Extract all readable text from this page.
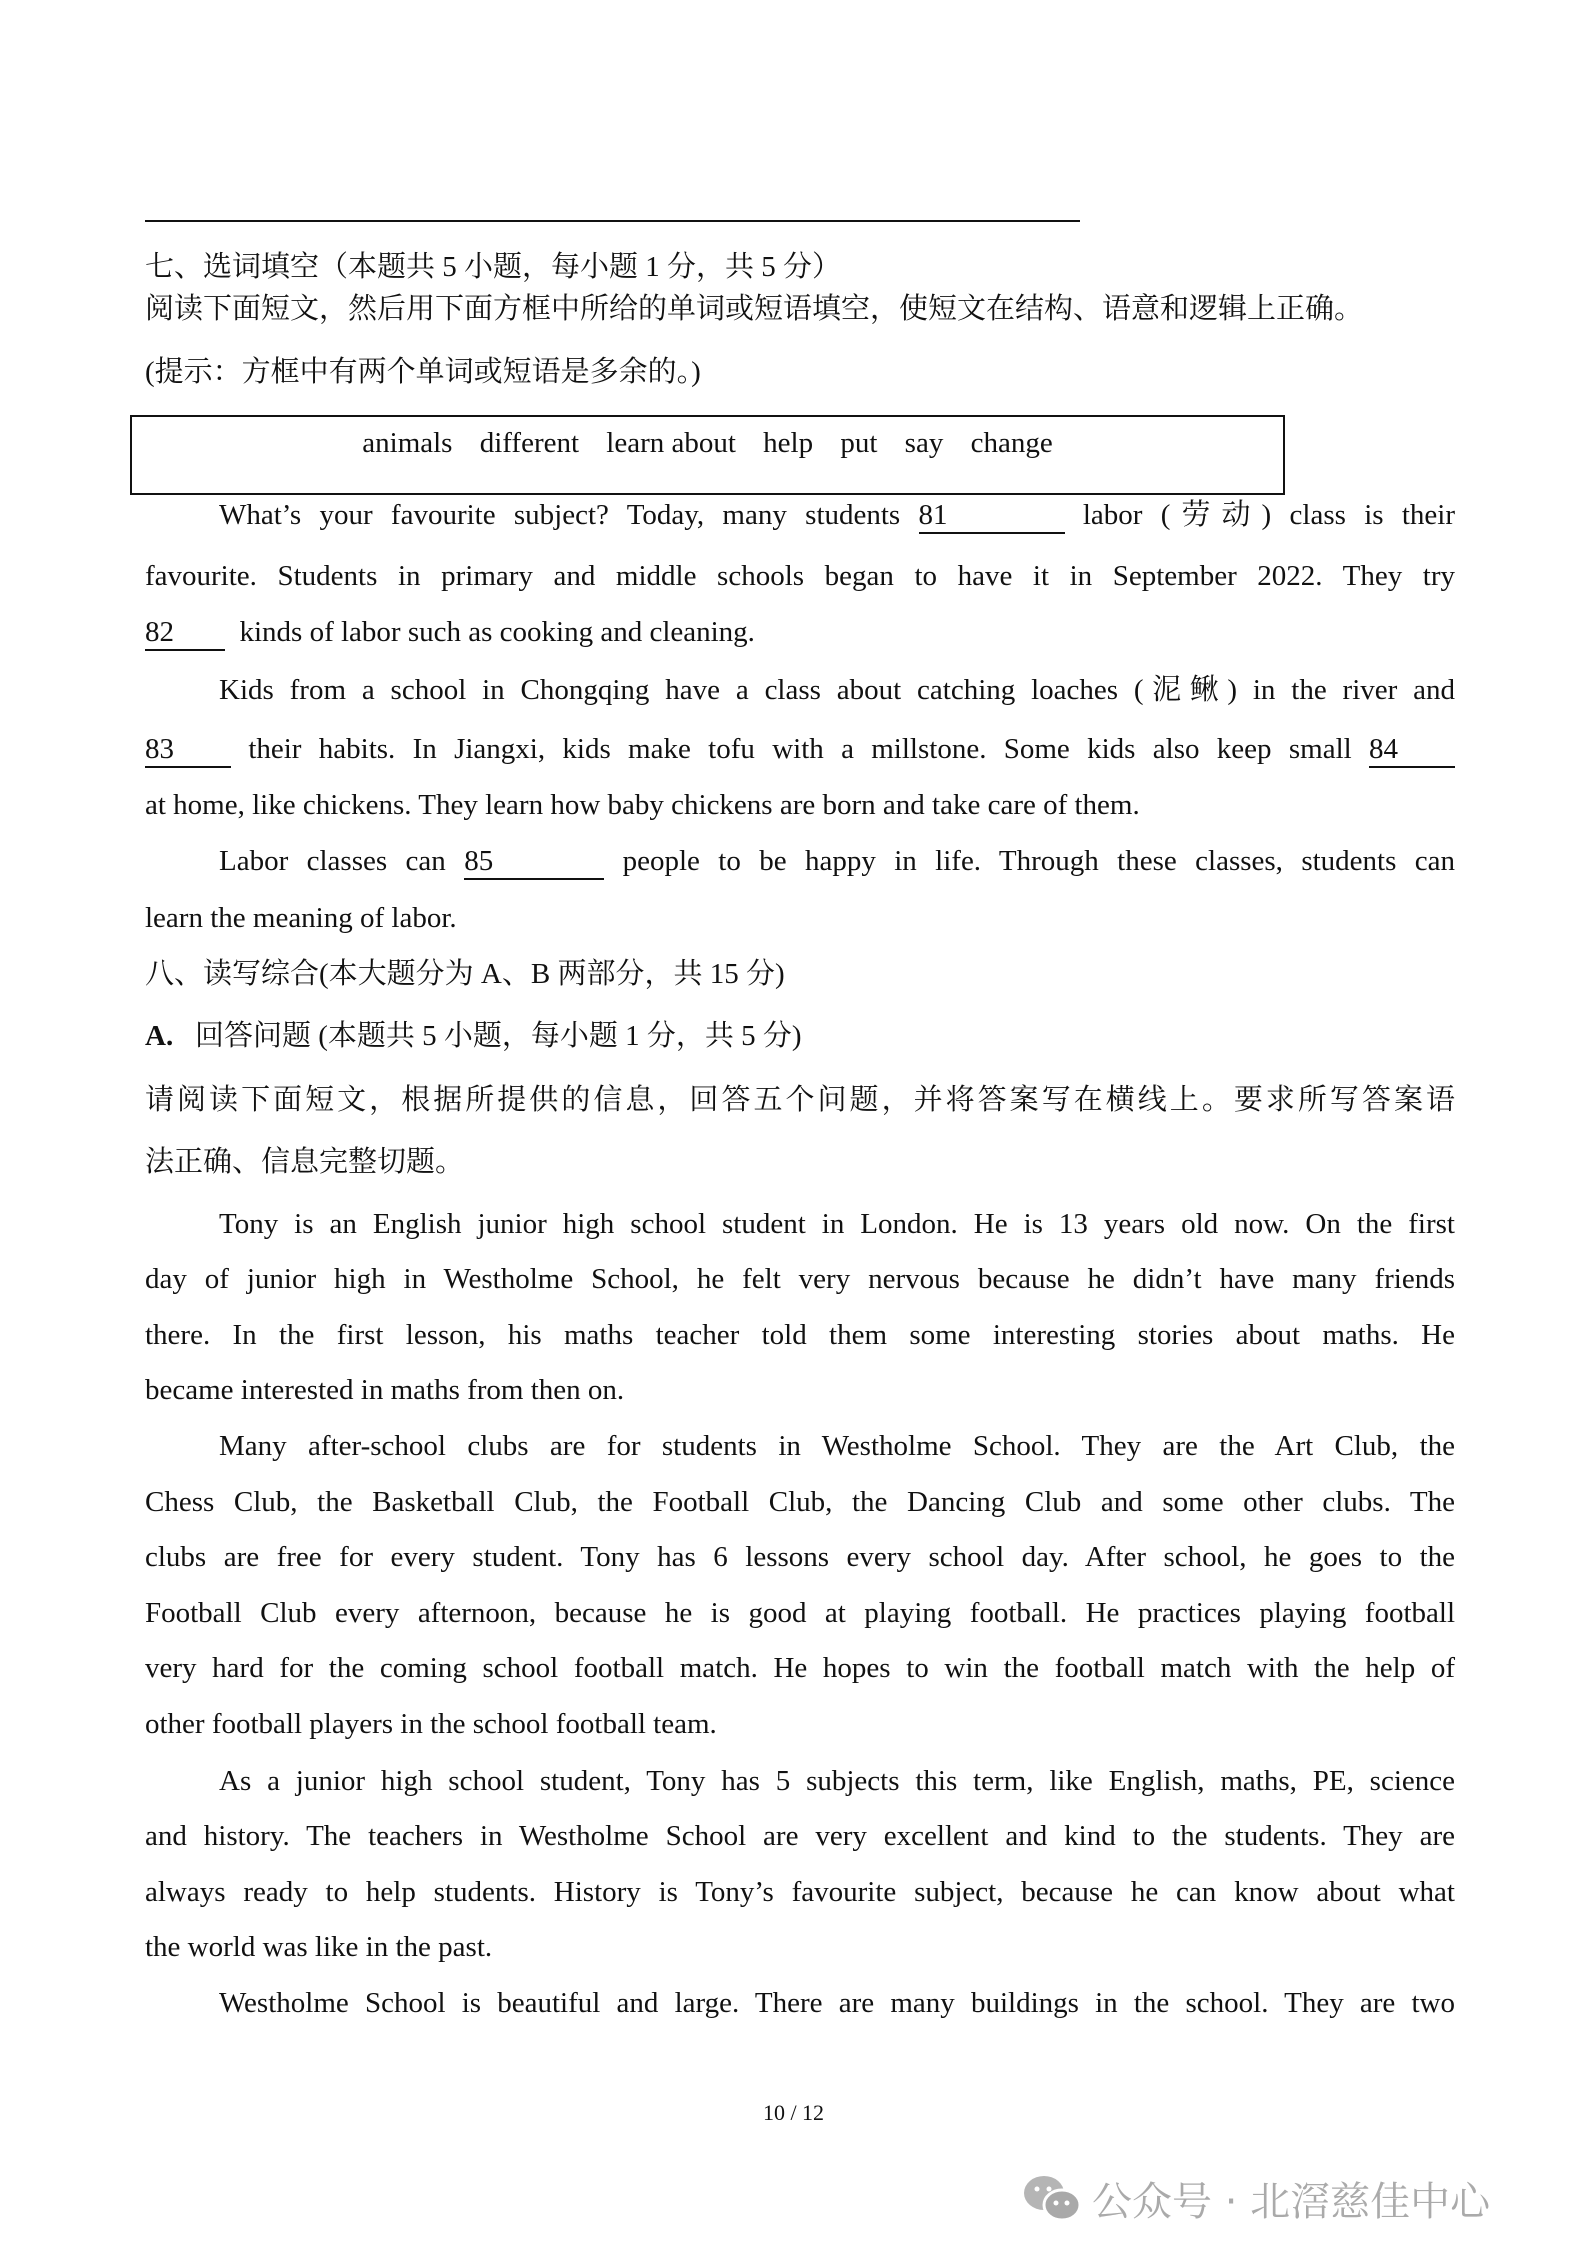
七、选词填空（本题共 5 小题，每小题 1 分，共 5 分）
阅读下面短文，然后用下面方框中所给的单词或短语填空，使短文在结构、语意和逻辑上正确。
(提示：方框中有两个单词或短语是多余的。)
animals different learn about help put say change
What’s your favourite subject? Today, many students 81	labor (劳动) class is their
favourite. Students in primary and middle schools began to have it in September 2022. They try
82 kinds of labor such as cooking and cleaning.
Kids from a school in Chongqing have a class about catching loaches (泥鳅) in the river and
83	their habits. In Jiangxi, kids make tofu with a millstone. Some kids also keep small 84
at home, like chickens. They learn how baby chickens are born and take care of them.
Labor classes can 85	people to be happy in life. Through these classes, students can
learn the meaning of labor.
八、读写综合(本大题分为 A、B 两部分，共 15 分)
A. 回答问题 (本题共 5 小题，每小题 1 分，共 5 分)
请阅读下面短文，根据所提供的信息，回答五个问题，并将答案写在横线上。要求所写答案语
法正确、信息完整切题。
Tony is an English junior high school student in London. He is 13 years old now. On the first
day of junior high in Westholme School, he felt very nervous because he didn’t have many friends
there. In the first lesson, his maths teacher told them some interesting stories about maths. He
became interested in maths from then on.
Many after-school clubs are for students in Westholme School. They are the Art Club, the
Chess Club, the Basketball Club, the Football Club, the Dancing Club and some other clubs. The
clubs are free for every student. Tony has 6 lessons every school day. After school, he goes to the
Football Club every afternoon, because he is good at playing football. He practices playing football
very hard for the coming school football match. He hopes to win the football match with the help of
other football players in the school football team.
As a junior high school student, Tony has 5 subjects this term, like English, maths, PE, science
and history. The teachers in Westholme School are very excellent and kind to the students. They are
always ready to help students. History is Tony’s favourite subject, because he can know about what
the world was like in the past.
Westholme School is beautiful and large. There are many buildings in the school. They are two
10 / 12
公众号 · 北滘慈佳中心
